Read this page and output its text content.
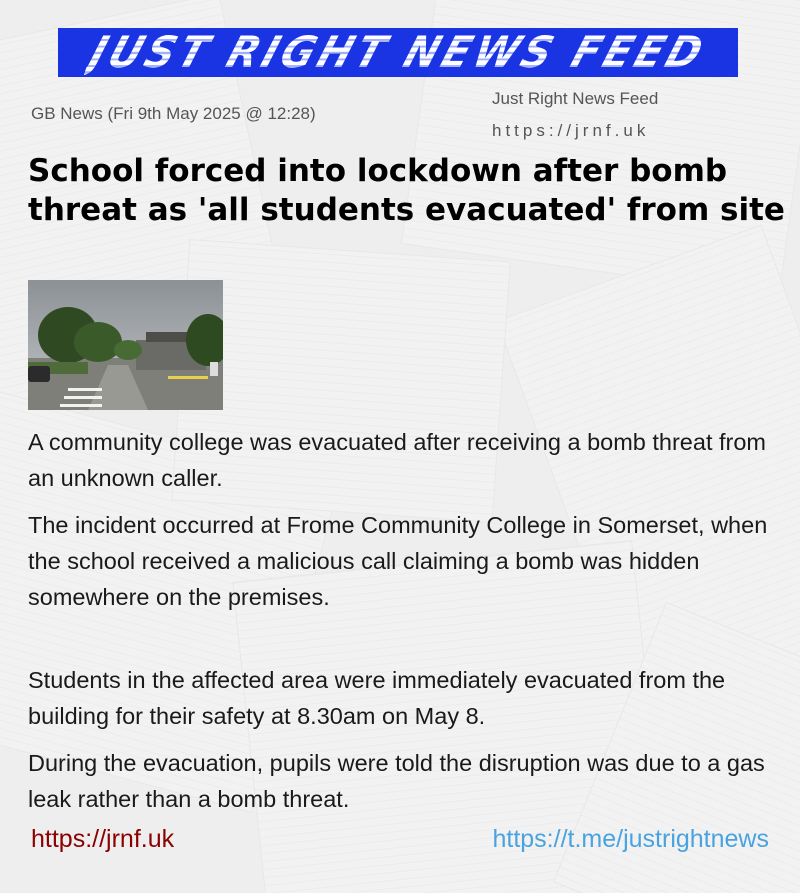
JUST RIGHT NEWS FEED
GB News (Fri 9th May 2025 @ 12:28)
Just Right News Feed
https://jrnf.uk
School forced into lockdown after bomb threat as 'all students evacuated' from site

A community college was evacuated after receiving a bomb threat from an unknown caller.

The incident occurred at Frome Community College in Somerset, when the school received a malicious call claiming a bomb was hidden somewhere on the premises.

Students in the affected area were immediately evacuated from the building for their safety at 8.30am on May 8.

During the evacuation, pupils were told the disruption was due to a gas leak rather than a bomb threat.

https://jrnf.uk	https://t.me/justrightnews
